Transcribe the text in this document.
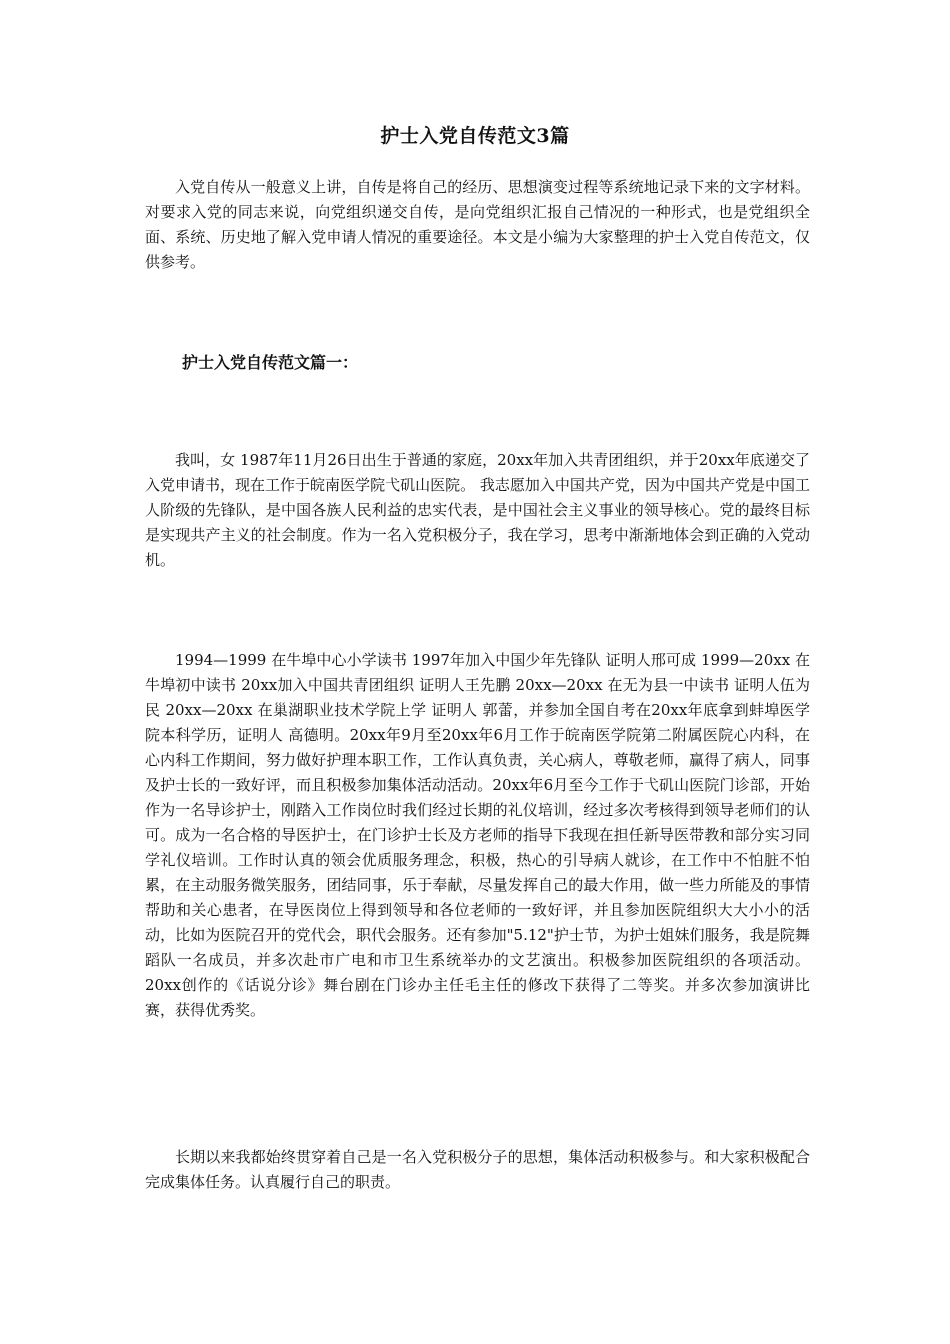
护士入党自传范文3篇

入党自传从一般意义上讲，自传是将自己的经历、思想演变过程等系统地记录下来的文字材料。对要求入党的同志来说，向党组织递交自传，是向党组织汇报自己情况的一种形式，也是党组织全面、系统、历史地了解入党申请人情况的重要途径。本文是小编为大家整理的护士入党自传范文，仅供参考。

护士入党自传范文篇一：

我叫，女 1987年11月26日出生于普通的家庭，20xx年加入共青团组织，并于20xx年底递交了入党申请书，现在工作于皖南医学院弋矶山医院。 我志愿加入中国共产党，因为中国共产党是中国工人阶级的先锋队，是中国各族人民利益的忠实代表，是中国社会主义事业的领导核心。党的最终目标是实现共产主义的社会制度。作为一名入党积极分子，我在学习，思考中渐渐地体会到正确的入党动机。

1994—1999 在牛埠中心小学读书 1997年加入中国少年先锋队 证明人邢可成 1999—20xx 在牛埠初中读书 20xx加入中国共青团组织 证明人王先鹏 20xx—20xx 在无为县一中读书 证明人伍为民 20xx—20xx 在巢湖职业技术学院上学 证明人 郭蕾，并参加全国自考在20xx年底拿到蚌埠医学院本科学历，证明人 高德明。20xx年9月至20xx年6月工作于皖南医学院第二附属医院心内科，在心内科工作期间，努力做好护理本职工作，工作认真负责，关心病人，尊敬老师，赢得了病人，同事及护士长的一致好评，而且积极参加集体活动活动。20xx年6月至今工作于弋矶山医院门诊部，开始作为一名导诊护士，刚踏入工作岗位时我们经过长期的礼仪培训，经过多次考核得到领导老师们的认可。成为一名合格的导医护士，在门诊护士长及方老师的指导下我现在担任新导医带教和部分实习同学礼仪培训。工作时认真的领会优质服务理念，积极，热心的引导病人就诊，在工作中不怕脏不怕累，在主动服务微笑服务，团结同事，乐于奉献，尽量发挥自己的最大作用，做一些力所能及的事情帮助和关心患者，在导医岗位上得到领导和各位老师的一致好评，并且参加医院组织大大小小的活动，比如为医院召开的党代会，职代会服务。还有参加"5.12"护士节，为护士姐妹们服务，我是院舞蹈队一名成员，并多次赴市广电和市卫生系统举办的文艺演出。积极参加医院组织的各项活动。20xx创作的《话说分诊》舞台剧在门诊办主任毛主任的修改下获得了二等奖。并多次参加演讲比赛，获得优秀奖。

长期以来我都始终贯穿着自己是一名入党积极分子的思想，集体活动积极参与。和大家积极配合完成集体任务。认真履行自己的职责。
